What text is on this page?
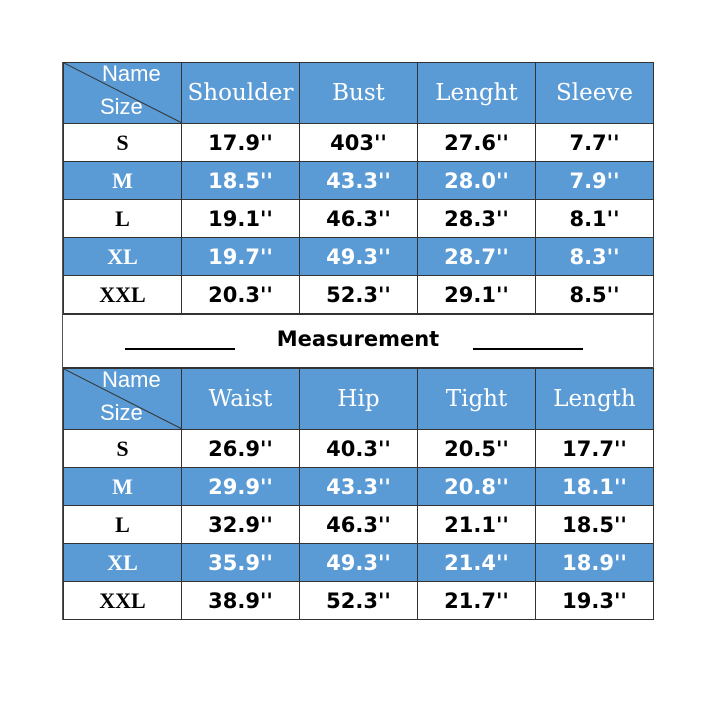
Name
Size	Shoulder	Bust	Lenght	Sleeve
S	17.9''	403''	27.6''	7.7''
M	18.5''	43.3''	28.0''	7.9''
L	19.1''	46.3''	28.3''	8.1''
XL	19.7''	49.3''	28.7''	8.3''
XXL	20.3''	52.3''	29.1''	8.5''
Measurement
Name
Size	Waist	Hip	Tight	Length
S	26.9''	40.3''	20.5''	17.7''
M	29.9''	43.3''	20.8''	18.1''
L	32.9''	46.3''	21.1''	18.5''
XL	35.9''	49.3''	21.4''	18.9''
XXL	38.9''	52.3''	21.7''	19.3''
